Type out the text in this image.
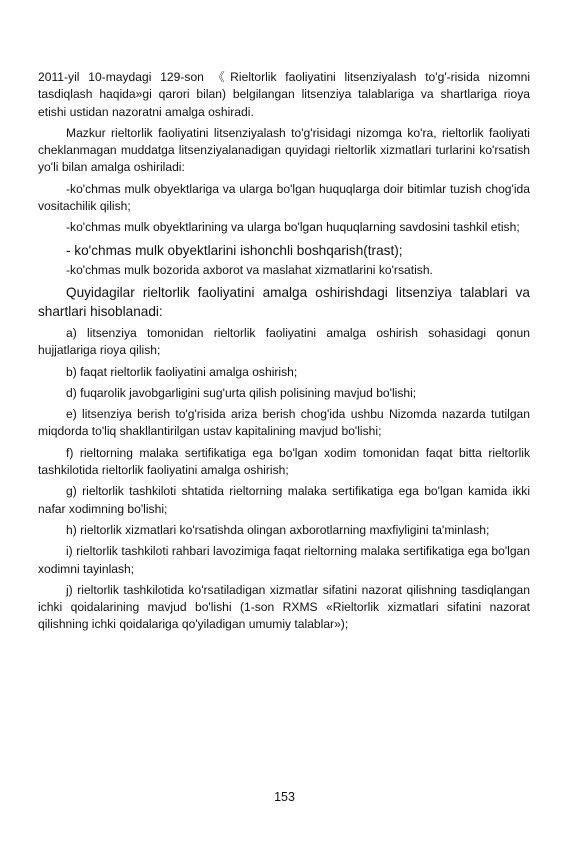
2011-yil 10-maydagi 129-son 《Rieltorlik faoliyatini litsenziyalash to'g'-risida nizomni tasdiqlash haqida»gi qarori bilan) belgilangan litsenziya talablariga va shartlariga rioya etishi ustidan nazoratni amalga oshiradi.

Mazkur rieltorlik faoliyatini litsenziyalash to'g'risidagi nizomga ko'ra, rieltorlik faoliyati cheklanmagan muddatga litsenziyalanadigan quyidagi rieltorlik xizmatlari turlarini ko'rsatish yo'li bilan amalga oshiriladi:

-ko'chmas mulk obyektlariga va ularga bo'lgan huquqlarga doir bitimlar tuzish chog'ida vositachilik qilish;

-ko'chmas mulk obyektlarining va ularga bo'lgan huquqlarning savdosini tashkil etish;

- ko'chmas mulk obyektlarini ishonchli boshqarish(trast);

-ko'chmas mulk bozorida axborot va maslahat xizmatlarini ko'rsatish.

Quyidagilar rieltorlik faoliyatini amalga oshirishdagi litsenziya talablari va shartlari hisoblanadi:

a) litsenziya tomonidan rieltorlik faoliyatini amalga oshirish sohasidagi qonun hujjatlariga rioya qilish;

b) faqat rieltorlik faoliyatini amalga oshirish;

d) fuqarolik javobgarligini sug'urta qilish polisining mavjud bo'lishi;

e) litsenziya berish to'g'risida ariza berish chog'ida ushbu Nizomda nazarda tutilgan miqdorda to'liq shakllantirilgan ustav kapitalining mavjud bo'lishi;

f) rieltorning malaka sertifikatiga ega bo'lgan xodim tomonidan faqat bitta rieltorlik tashkilotida rieltorlik faoliyatini amalga oshirish;

g) rieltorlik tashkiloti shtatida rieltorning malaka sertifikatiga ega bo'lgan kamida ikki nafar xodimning bo'lishi;

h) rieltorlik xizmatlari ko'rsatishda olingan axborotlarning maxfiyligini ta'minlash;

i) rieltorlik tashkiloti rahbari lavozimiga faqat rieltorning malaka sertifikatiga ega bo'lgan xodimni tayinlash;

j) rieltorlik tashkilotida ko'rsatiladigan xizmatlar sifatini nazorat qilishning tasdiqlangan ichki qoidalarining mavjud bo'lishi (1-son RXMS «Rieltorlik xizmatlari sifatini nazorat qilishning ichki qoidalariga qo'yiladigan umumiy talablar»);

153
